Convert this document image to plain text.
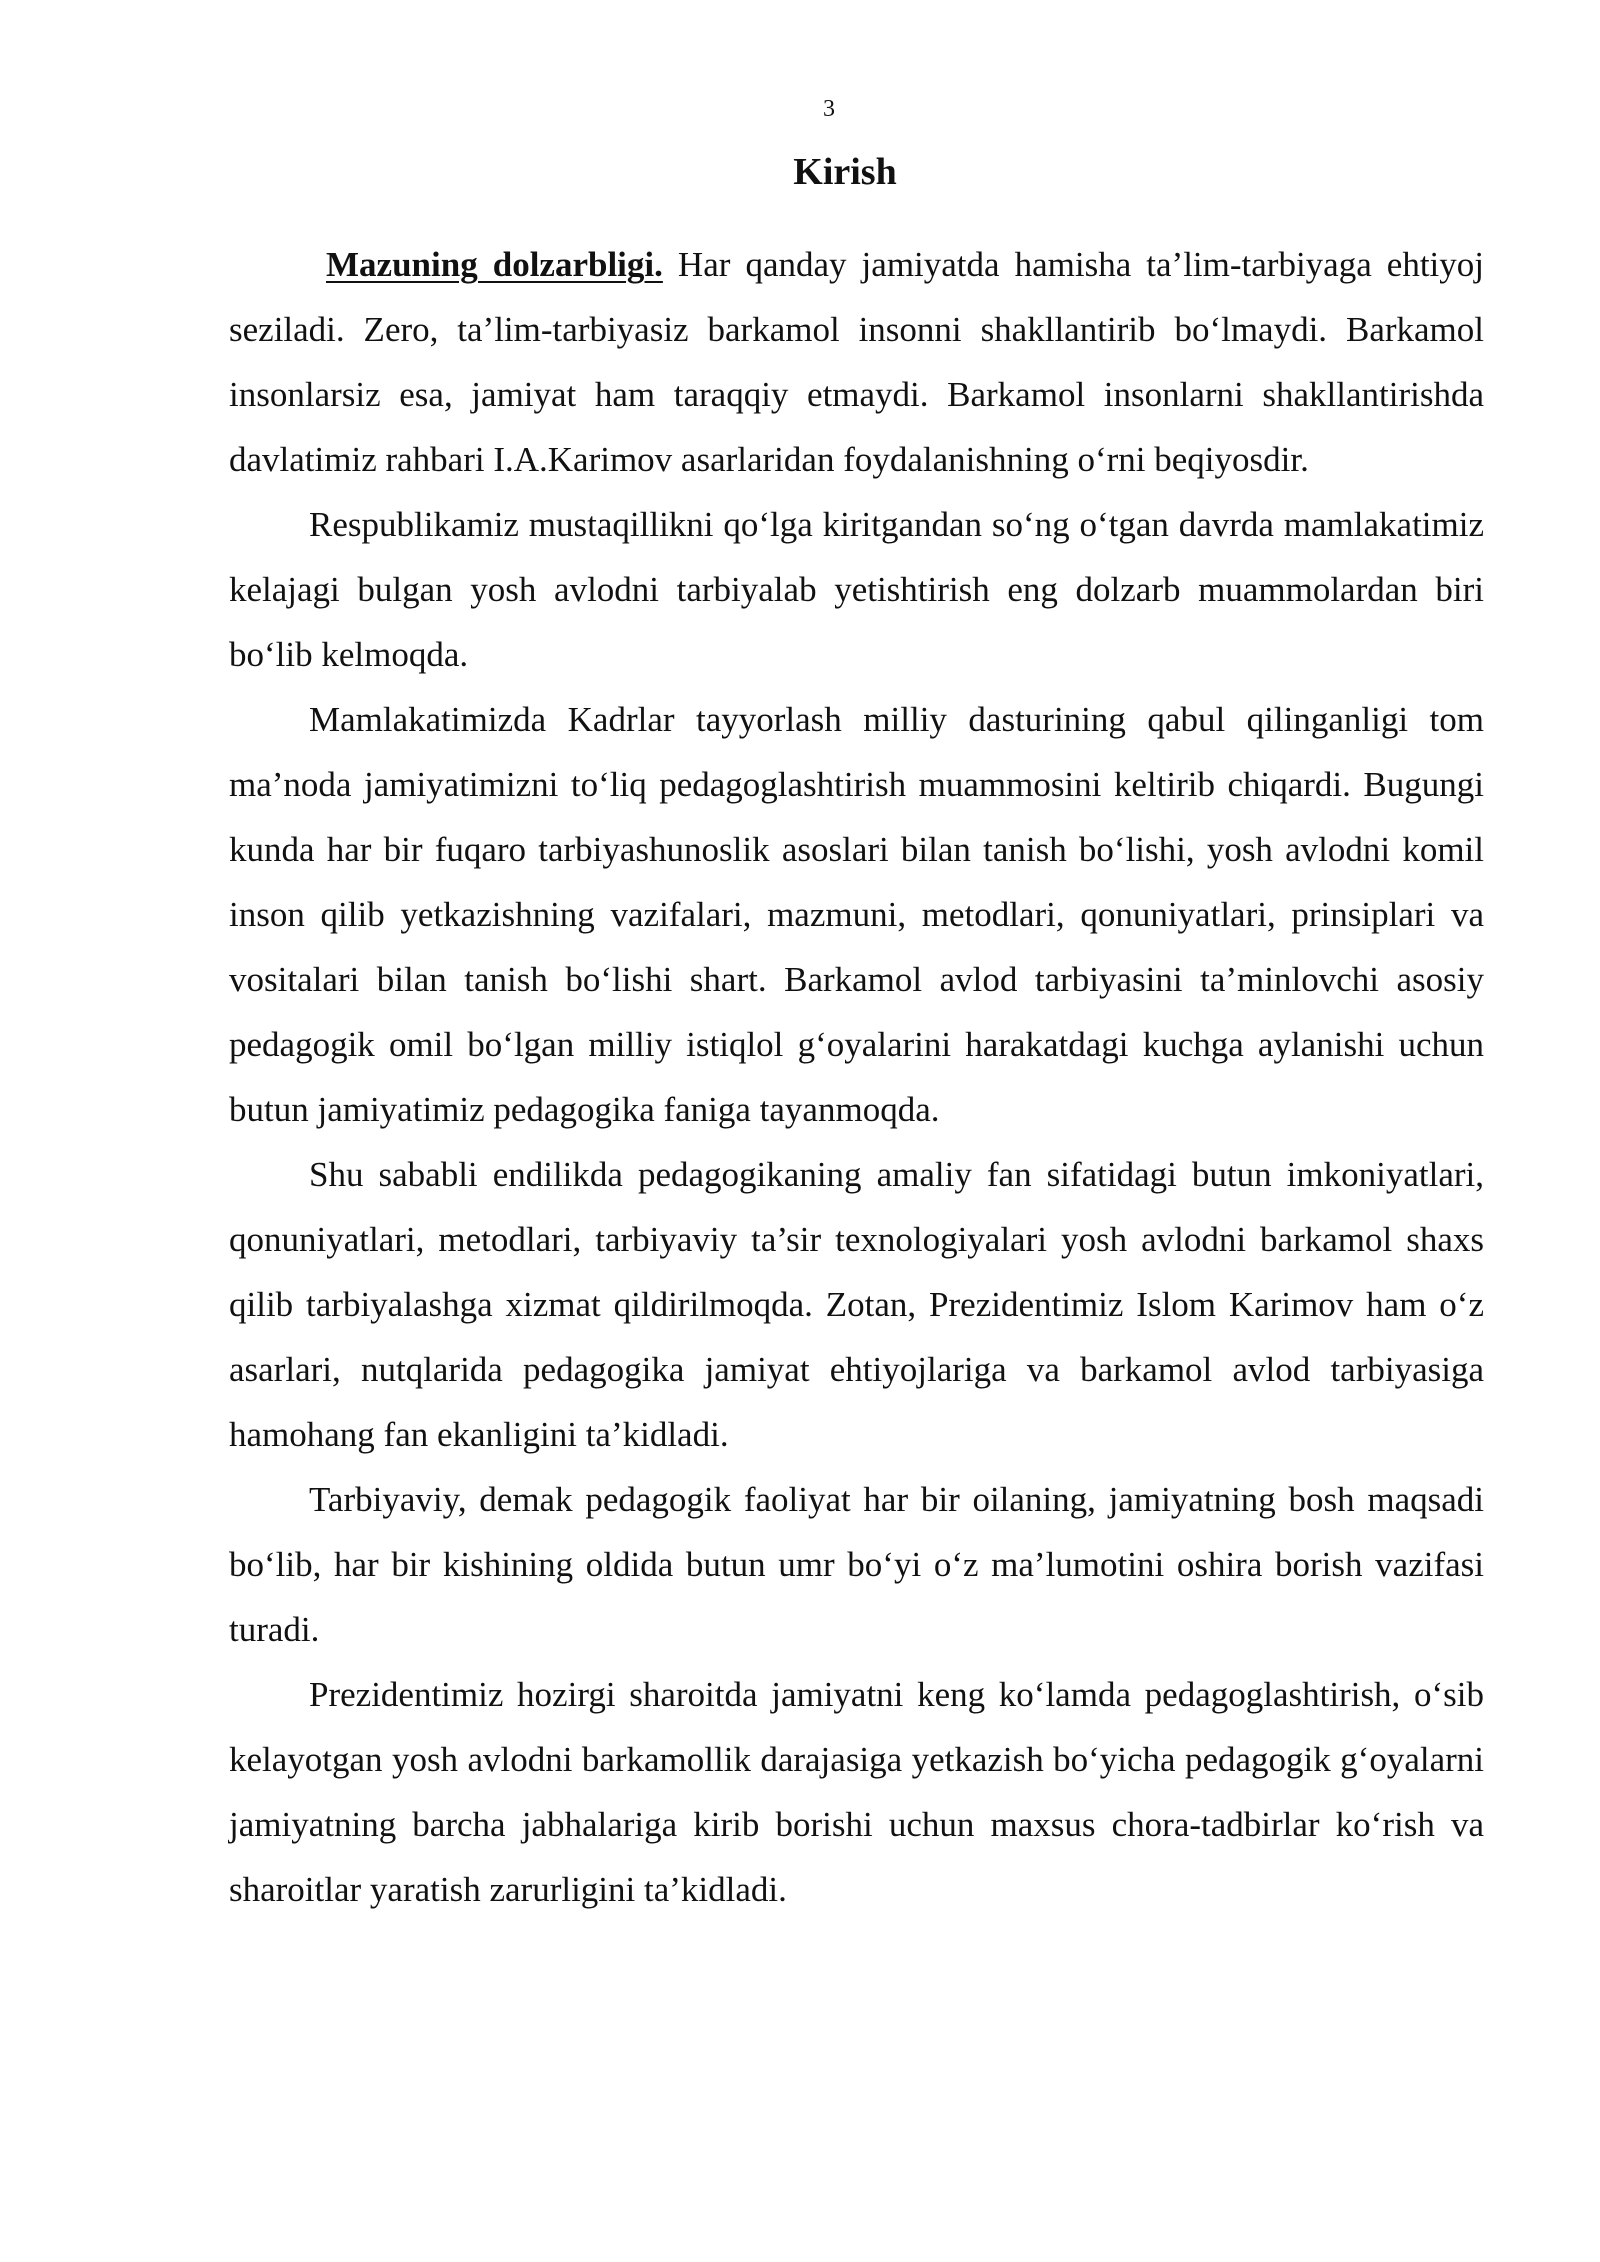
3
Kirish

Mazuning dolzarbligi. Har qanday jamiyatda hamisha ta’lim-tarbiyaga ehtiyoj seziladi. Zero, ta’lim-tarbiyasiz barkamol insonni shakllantirib bo‘lmaydi. Barkamol insonlarsiz esa, jamiyat ham taraqqiy etmaydi. Barkamol insonlarni shakllantirishda davlatimiz rahbari I.A.Karimov asarlaridan foydalanishning o‘rni beqiyosdir.

Respublikamiz mustaqillikni qo‘lga kiritgandan so‘ng o‘tgan davrda mamlakatimiz kelajagi bulgan yosh avlodni tarbiyalab yetishtirish eng dolzarb muammolardan biri bo‘lib kelmoqda.

Mamlakatimizda Kadrlar tayyorlash milliy dasturining qabul qilinganligi tom ma’noda jamiyatimizni to‘liq pedagoglashtirish muammosini keltirib chiqardi. Bugungi kunda har bir fuqaro tarbiyashunoslik asoslari bilan tanish bo‘lishi, yosh avlodni komil inson qilib yetkazishning vazifalari, mazmuni, metodlari, qonuniyatlari, prinsiplari va vositalari bilan tanish bo‘lishi shart. Barkamol avlod tarbiyasini ta’minlovchi asosiy pedagogik omil bo‘lgan milliy istiqlol g‘oyalarini harakatdagi kuchga aylanishi uchun butun jamiyatimiz pedagogika faniga tayanmoqda.

Shu sababli endilikda pedagogikaning amaliy fan sifatidagi butun imkoniyatlari, qonuniyatlari, metodlari, tarbiyaviy ta’sir texnologiyalari yosh avlodni barkamol shaxs qilib tarbiyalashga xizmat qildirilmoqda. Zotan, Prezidentimiz Islom Karimov ham o‘z asarlari, nutqlarida pedagogika jamiyat ehtiyojlariga va barkamol avlod tarbiyasiga hamohang fan ekanligini ta’kidladi.

Tarbiyaviy, demak pedagogik faoliyat har bir oilaning, jamiyatning bosh maqsadi bo‘lib, har bir kishining oldida butun umr bo‘yi o‘z ma’lumotini oshira borish vazifasi turadi.

Prezidentimiz hozirgi sharoitda jamiyatni keng ko‘lamda pedagoglashtirish, o‘sib kelayotgan yosh avlodni barkamollik darajasiga yetkazish bo‘yicha pedagogik g‘oyalarni jamiyatning barcha jabhalariga kirib borishi uchun maxsus chora-tadbirlar ko‘rish va sharoitlar yaratish zarurligini ta’kidladi.
